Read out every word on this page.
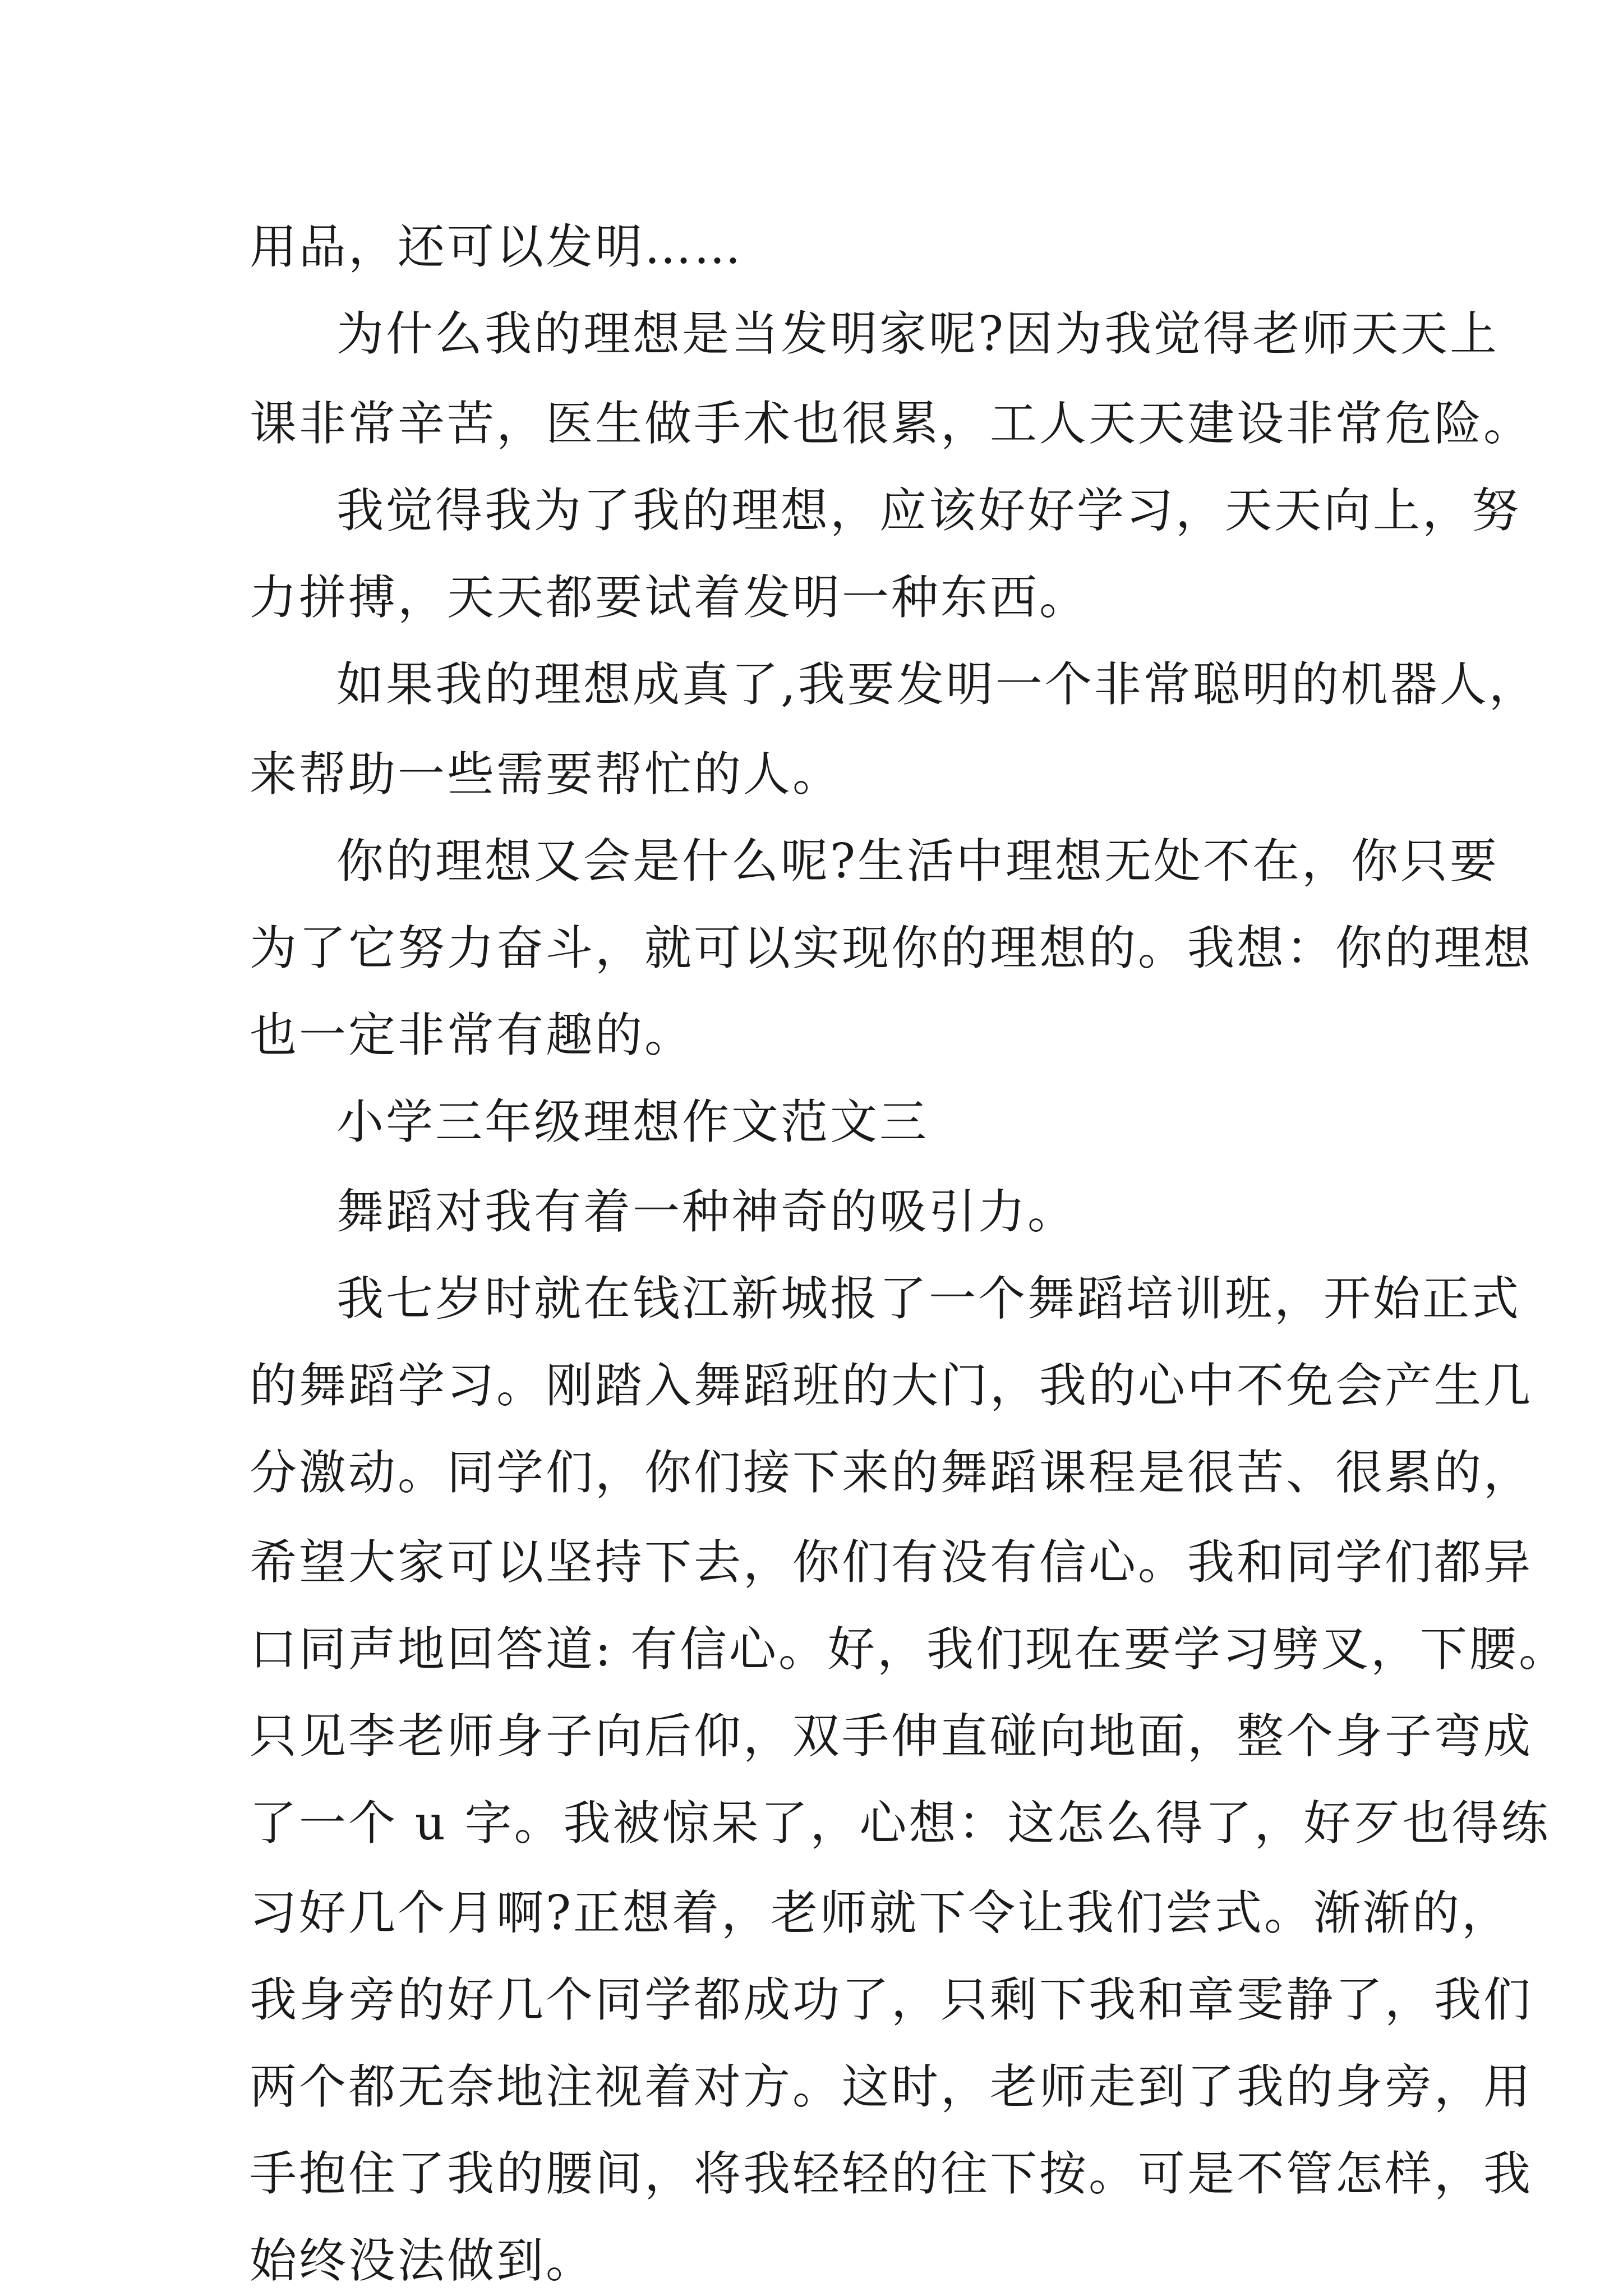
用品，还可以发明……
为什么我的理想是当发明家呢?因为我觉得老师天天上
课非常辛苦，医生做手术也很累，工人天天建设非常危险。
我觉得我为了我的理想，应该好好学习，天天向上，努
力拼搏，天天都要试着发明一种东西。
如果我的理想成真了,我要发明一个非常聪明的机器人，
来帮助一些需要帮忙的人。
你的理想又会是什么呢?生活中理想无处不在，你只要
为了它努力奋斗，就可以实现你的理想的。我想：你的理想
也一定非常有趣的。
小学三年级理想作文范文三
舞蹈对我有着一种神奇的吸引力。
我七岁时就在钱江新城报了一个舞蹈培训班，开始正式
的舞蹈学习。刚踏入舞蹈班的大门，我的心中不免会产生几
分激动。同学们，你们接下来的舞蹈课程是很苦、很累的，
希望大家可以坚持下去，你们有没有信心。我和同学们都异
口同声地回答道: 有信心。好，我们现在要学习劈叉，下腰。
只见李老师身子向后仰，双手伸直碰向地面，整个身子弯成
了一个 u 字。我被惊呆了，心想：这怎么得了，好歹也得练
习好几个月啊?正想着，老师就下令让我们尝式。渐渐的，
我身旁的好几个同学都成功了，只剩下我和章雯静了，我们
两个都无奈地注视着对方。这时，老师走到了我的身旁，用
手抱住了我的腰间，将我轻轻的往下按。可是不管怎样，我
始终没法做到。
